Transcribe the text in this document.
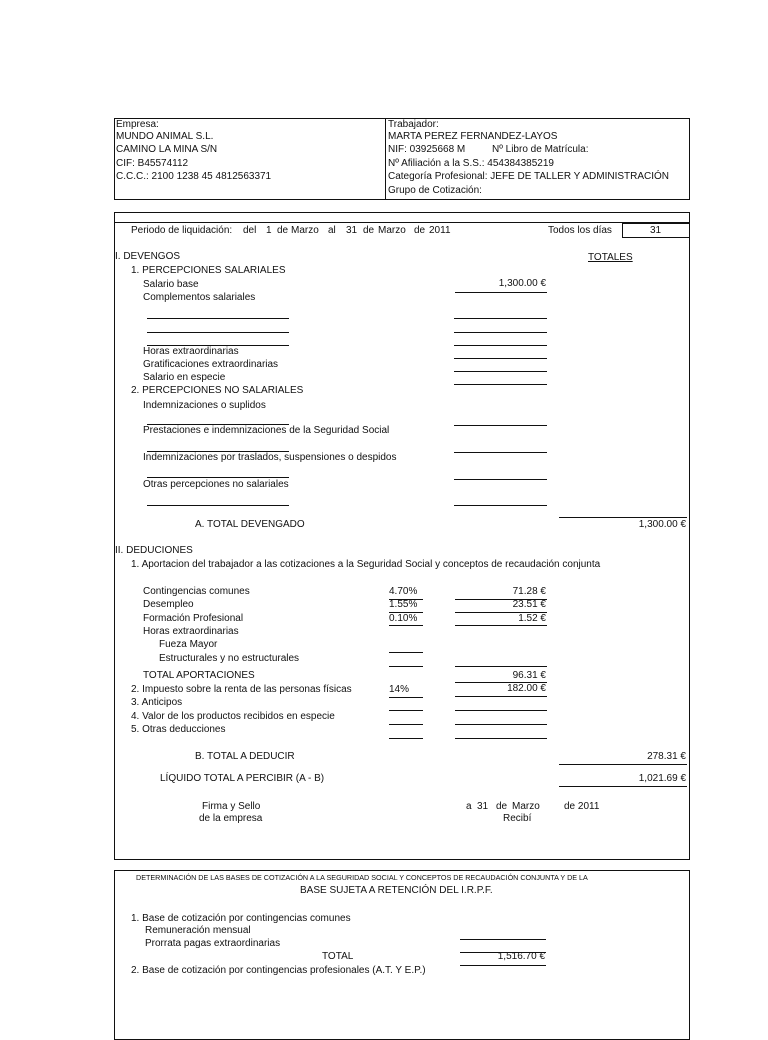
Empresa:
MUNDO ANIMAL S.L.
CAMINO LA MINA S/N
CIF: B45574112
C.C.C.: 2100 1238 45 4812563371
Trabajador:
MARTA PEREZ FERNANDEZ-LAYOS
NIF: 03925668 M	Nº Libro de Matrícula:
Nº Afiliación a la S.S.: 454384385219
Categoría Profesional: JEFE DE TALLER Y ADMINISTRACIÓN
Grupo de Cotización:
Periodo de liquidación: del 1 de Marzo al 31 de Marzo de 2011	Todos los días	31
I. DEVENGOS	TOTALES
1. PERCEPCIONES SALARIALES
Salario base	1,300.00 €
Complementos salariales
Horas extraordinarias
Gratificaciones extraordinarias
Salario en especie
2. PERCEPCIONES NO SALARIALES
Indemnizaciones o suplidos
Prestaciones e indemnizaciones de la Seguridad Social
Indemnizaciones por traslados, suspensiones o despidos
Otras percepciones no salariales
A. TOTAL DEVENGADO	1,300.00 €
II. DEDUCIONES
1. Aportacion del trabajador a las cotizaciones a la Seguridad Social y conceptos de recaudación conjunta
Contingencias comunes	4.70%	71.28 €
Desempleo	1.55%	23.51 €
Formación Profesional	0.10%	1.52 €
Horas extraordinarias
Fueza Mayor
Estructurales y no estructurales
TOTAL APORTACIONES	96.31 €
2. Impuesto sobre la renta de las personas físicas	14%	182.00 €
3. Anticipos
4. Valor de los productos recibidos en especie
5. Otras deducciones
B. TOTAL A DEDUCIR	278.31 €
LÍQUIDO TOTAL A PERCIBIR (A - B)	1,021.69 €
Firma y Sello
de la empresa
a 31 de Marzo de 2011
Recibí
DETERMINACIÓN DE LAS BASES DE COTIZACIÓN A LA SEGURIDAD SOCIAL Y CONCEPTOS DE RECAUDACIÓN CONJUNTA Y DE LA
BASE SUJETA A RETENCIÓN DEL I.R.P.F.
1. Base de cotización por contingencias comunes
Remuneración mensual
Prorrata pagas extraordinarias
TOTAL	1,516.70 €
2. Base de cotización por contingencias profesionales (A.T. Y E.P.)
